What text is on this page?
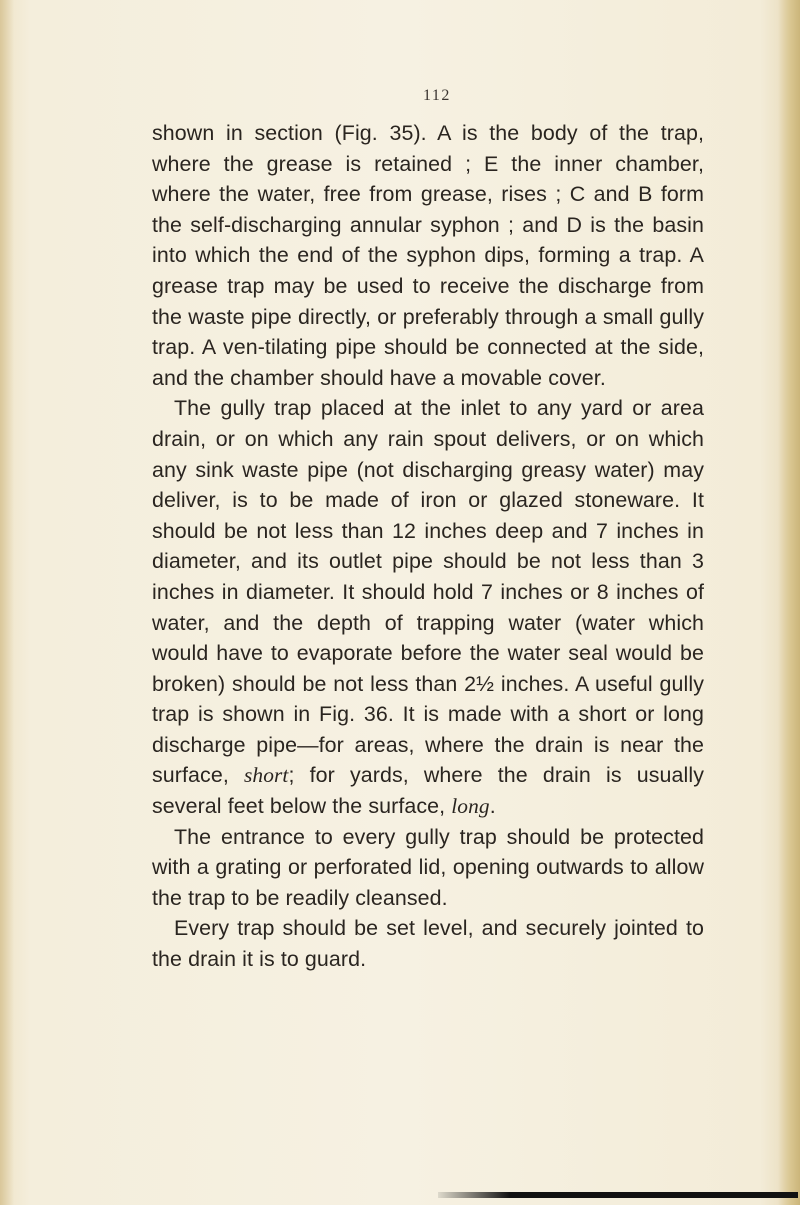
112

shown in section (Fig. 35). A is the body of the trap, where the grease is retained ; E the inner chamber, where the water, free from grease, rises ; C and B form the self-discharging annular syphon ; and D is the basin into which the end of the syphon dips, forming a trap. A grease trap may be used to receive the discharge from the waste pipe directly, or preferably through a small gully trap. A ven-tilating pipe should be connected at the side, and the chamber should have a movable cover.

The gully trap placed at the inlet to any yard or area drain, or on which any rain spout delivers, or on which any sink waste pipe (not discharging greasy water) may deliver, is to be made of iron or glazed stoneware. It should be not less than 12 inches deep and 7 inches in diameter, and its outlet pipe should be not less than 3 inches in diameter. It should hold 7 inches or 8 inches of water, and the depth of trapping water (water which would have to evaporate before the water seal would be broken) should be not less than 2½ inches. A useful gully trap is shown in Fig. 36. It is made with a short or long discharge pipe—for areas, where the drain is near the surface, short; for yards, where the drain is usually several feet below the surface, long.

The entrance to every gully trap should be protected with a grating or perforated lid, opening outwards to allow the trap to be readily cleansed.

Every trap should be set level, and securely jointed to the drain it is to guard.
